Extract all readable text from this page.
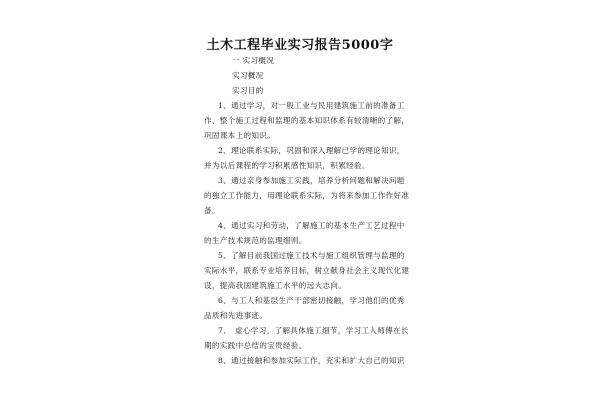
土木工程毕业实习报告5000字
一 实习概况
实习概况
实习目的
1、通过学习，对一般工业与民用建筑施工前的准备工
作、整个施工过程和监理的基本知识体系有较清晰的了解，
巩固课本上的知识。
2、理论联系实际，巩固和深入理解已学的理论知识，
并为以后课程的学习积累感性知识，积累经验。
3、通过亲身参加施工实践，培养分析问题和解决问题
的独立工作能力，用理论联系实际，为将来参加工作作好准
备。
4、通过实习和劳动，了解施工的基本生产工艺过程中
的生产技术规范的监理细则。
5、了解目前我国过施工技术与施工组织管理与监理的
实际水平，联系专业培养目标，树立献身社会主义现代化建
设，提高我国建筑施工水平的远大志向。
6、与工人和基层生产干部密切接触，学习他们的优秀
品质和先进事迹。
7、　虚心学习，了解具体施工细节，学习工人师傅在长
期的实践中总结的宝贵经验。
8、通过接触和参加实际工作，充实和扩大自己的知识
